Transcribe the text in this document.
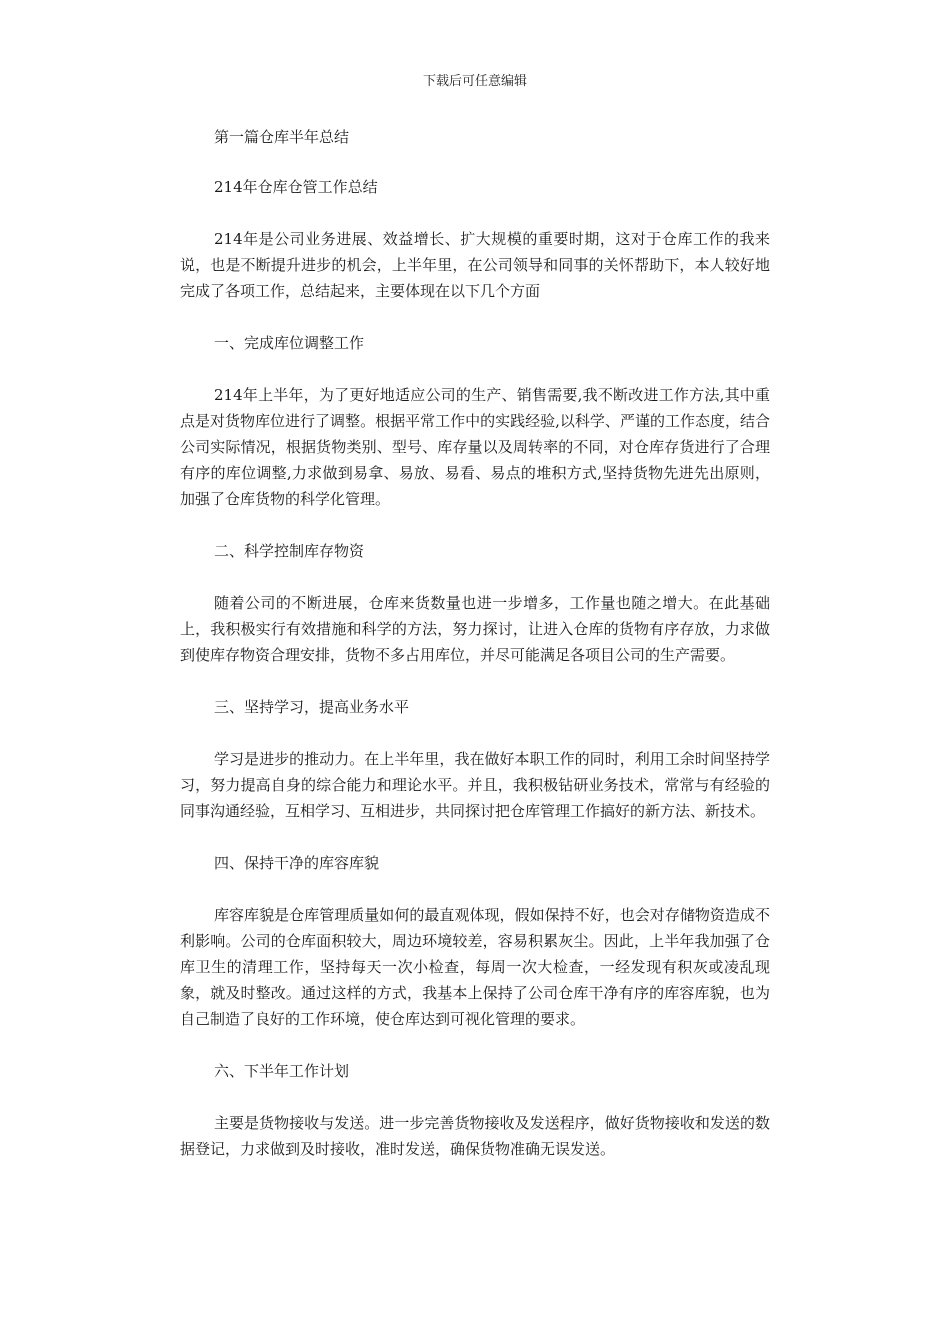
下载后可任意编辑

第一篇仓库半年总结

214年仓库仓管工作总结

214年是公司业务进展、效益增长、扩大规模的重要时期，这对于仓库工作的我来说，也是不断提升进步的机会，上半年里，在公司领导和同事的关怀帮助下，本人较好地完成了各项工作，总结起来，主要体现在以下几个方面

一、完成库位调整工作

214年上半年，为了更好地适应公司的生产、销售需要,我不断改进工作方法,其中重点是对货物库位进行了调整。根据平常工作中的实践经验,以科学、严谨的工作态度，结合公司实际情况，根据货物类别、型号、库存量以及周转率的不同，对仓库存货进行了合理有序的库位调整,力求做到易拿、易放、易看、易点的堆积方式,坚持货物先进先出原则，加强了仓库货物的科学化管理。

二、科学控制库存物资

随着公司的不断进展，仓库来货数量也进一步增多，工作量也随之增大。在此基础上，我积极实行有效措施和科学的方法，努力探讨，让进入仓库的货物有序存放，力求做到使库存物资合理安排，货物不多占用库位，并尽可能满足各项目公司的生产需要。

三、坚持学习，提高业务水平

学习是进步的推动力。在上半年里，我在做好本职工作的同时，利用工余时间坚持学习，努力提高自身的综合能力和理论水平。并且，我积极钻研业务技术，常常与有经验的同事沟通经验，互相学习、互相进步，共同探讨把仓库管理工作搞好的新方法、新技术。

四、保持干净的库容库貌

库容库貌是仓库管理质量如何的最直观体现，假如保持不好，也会对存储物资造成不利影响。公司的仓库面积较大，周边环境较差，容易积累灰尘。因此，上半年我加强了仓库卫生的清理工作，坚持每天一次小检查，每周一次大检查，一经发现有积灰或凌乱现象，就及时整改。通过这样的方式，我基本上保持了公司仓库干净有序的库容库貌，也为自己制造了良好的工作环境，使仓库达到可视化管理的要求。

六、下半年工作计划

主要是货物接收与发送。进一步完善货物接收及发送程序，做好货物接收和发送的数据登记，力求做到及时接收，准时发送，确保货物准确无误发送。
